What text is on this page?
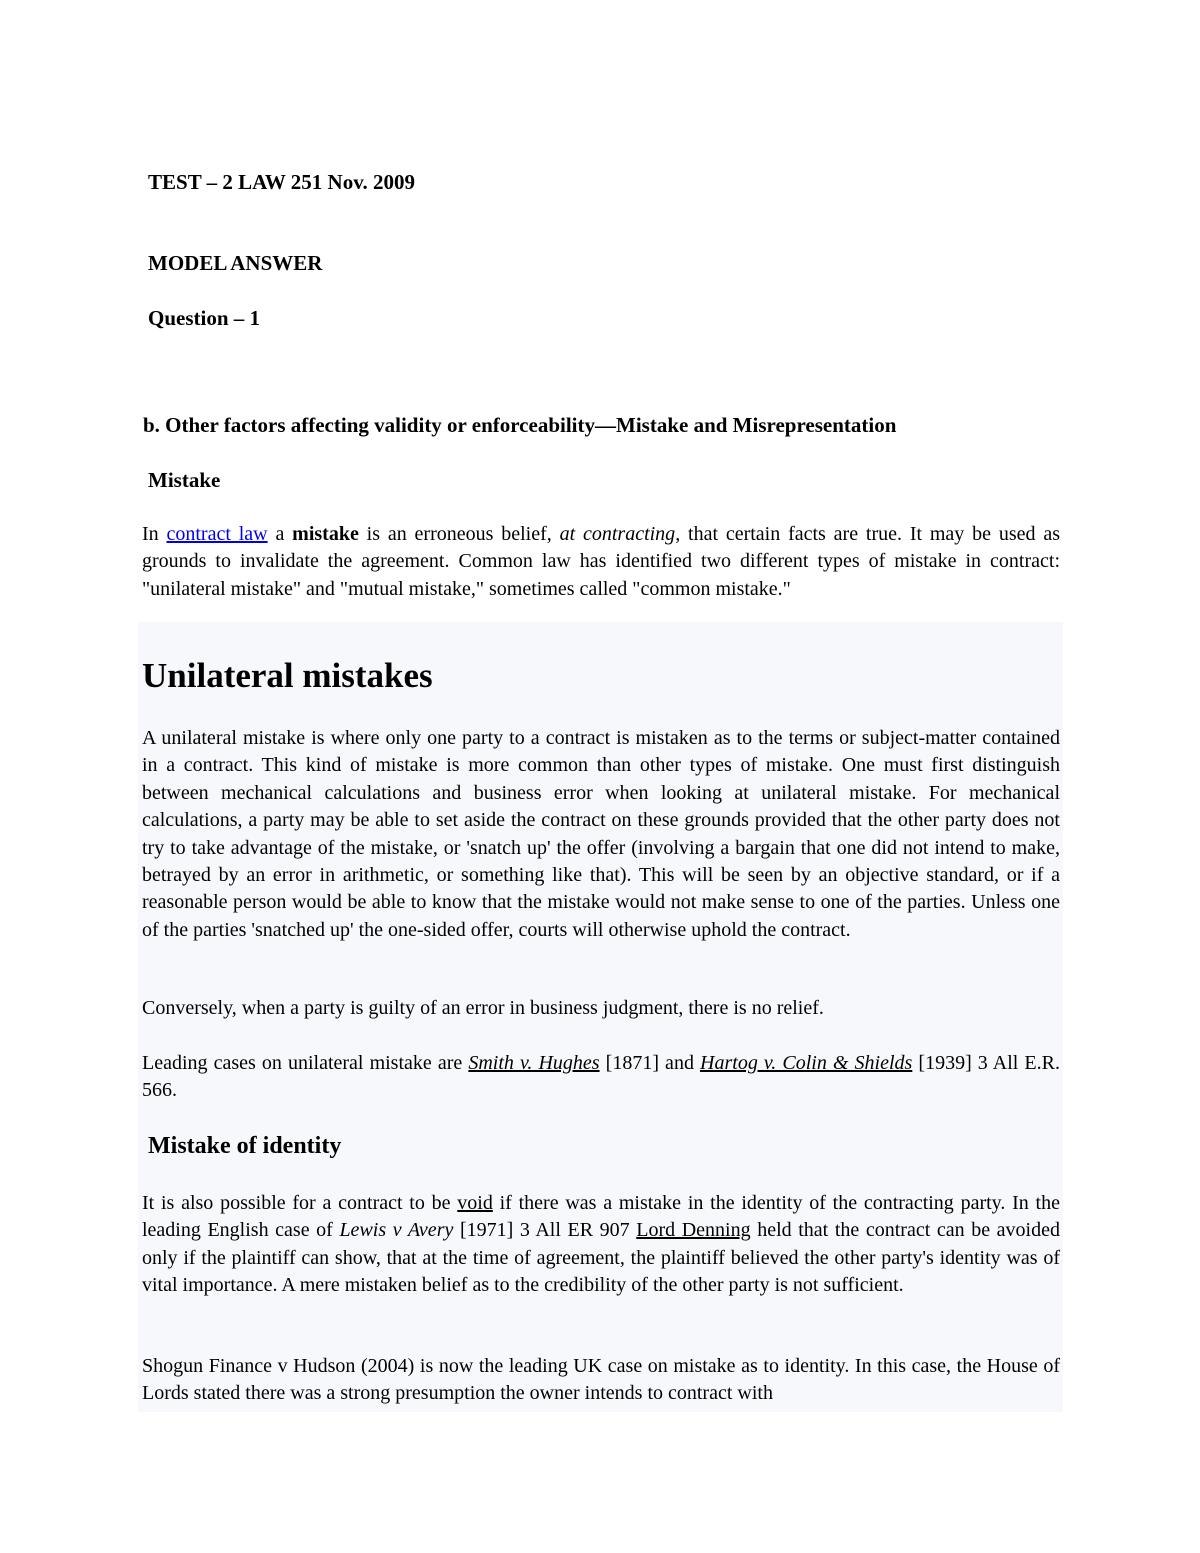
TEST – 2 LAW 251 Nov. 2009
MODEL ANSWER
Question – 1
b. Other factors affecting validity or enforceability—Mistake and Misrepresentation
Mistake

In contract law a mistake is an erroneous belief, at contracting, that certain facts are true. It may be used as grounds to invalidate the agreement. Common law has identified two different types of mistake in contract: "unilateral mistake" and "mutual mistake," sometimes called "common mistake."

Unilateral mistakes

A unilateral mistake is where only one party to a contract is mistaken as to the terms or subject-matter contained in a contract. This kind of mistake is more common than other types of mistake. One must first distinguish between mechanical calculations and business error when looking at unilateral mistake. For mechanical calculations, a party may be able to set aside the contract on these grounds provided that the other party does not try to take advantage of the mistake, or 'snatch up' the offer (involving a bargain that one did not intend to make, betrayed by an error in arithmetic, or something like that). This will be seen by an objective standard, or if a reasonable person would be able to know that the mistake would not make sense to one of the parties. Unless one of the parties 'snatched up' the one-sided offer, courts will otherwise uphold the contract.

Conversely, when a party is guilty of an error in business judgment, there is no relief.

Leading cases on unilateral mistake are Smith v. Hughes [1871] and Hartog v. Colin & Shields [1939] 3 All E.R. 566.

Mistake of identity

It is also possible for a contract to be void if there was a mistake in the identity of the contracting party. In the leading English case of Lewis v Avery [1971] 3 All ER 907 Lord Denning held that the contract can be avoided only if the plaintiff can show, that at the time of agreement, the plaintiff believed the other party's identity was of vital importance. A mere mistaken belief as to the credibility of the other party is not sufficient.

Shogun Finance v Hudson (2004) is now the leading UK case on mistake as to identity. In this case, the House of Lords stated there was a strong presumption the owner intends to contract with
